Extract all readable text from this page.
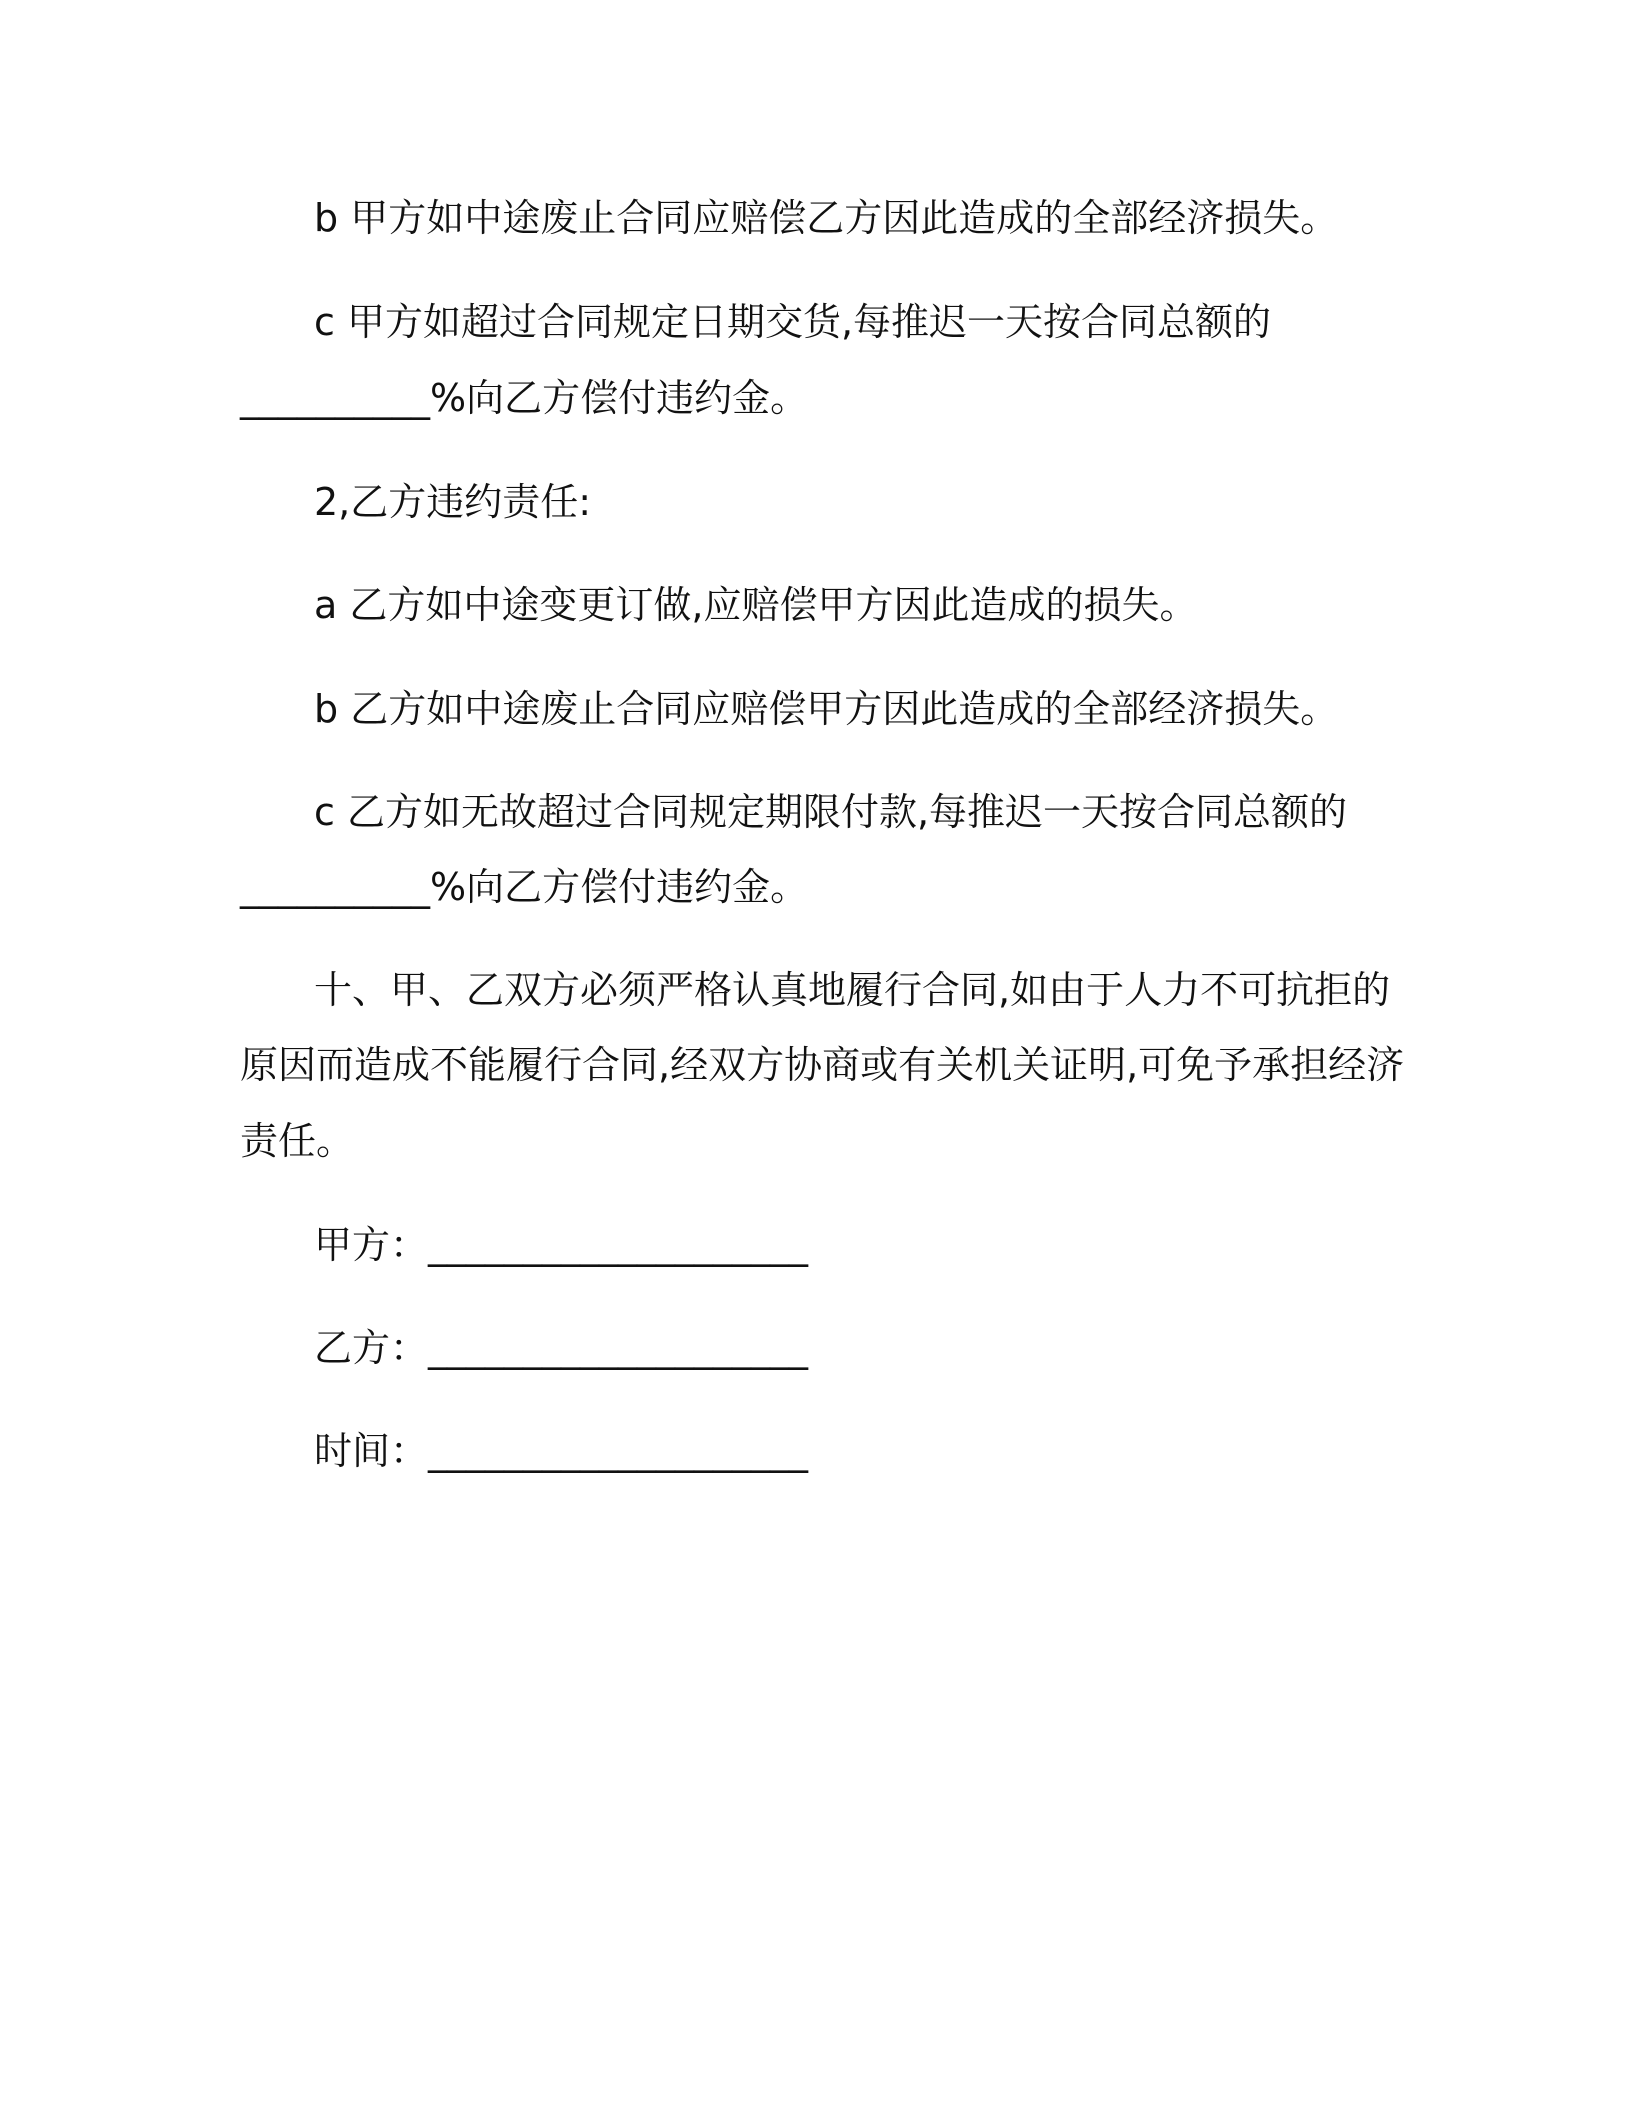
b 甲方如中途废止合同应赔偿乙方因此造成的全部经济损失。
c 甲方如超过合同规定日期交货,每推迟一天按合同总额的
__________%向乙方偿付违约金。
2,乙方违约责任:
a 乙方如中途变更订做,应赔偿甲方因此造成的损失。
b 乙方如中途废止合同应赔偿甲方因此造成的全部经济损失。
c 乙方如无故超过合同规定期限付款,每推迟一天按合同总额的
__________%向乙方偿付违约金。
十、甲、乙双方必须严格认真地履行合同,如由于人力不可抗拒的
原因而造成不能履行合同,经双方协商或有关机关证明,可免予承担经济
责任。
甲方：____________________
乙方：____________________
时间：____________________
